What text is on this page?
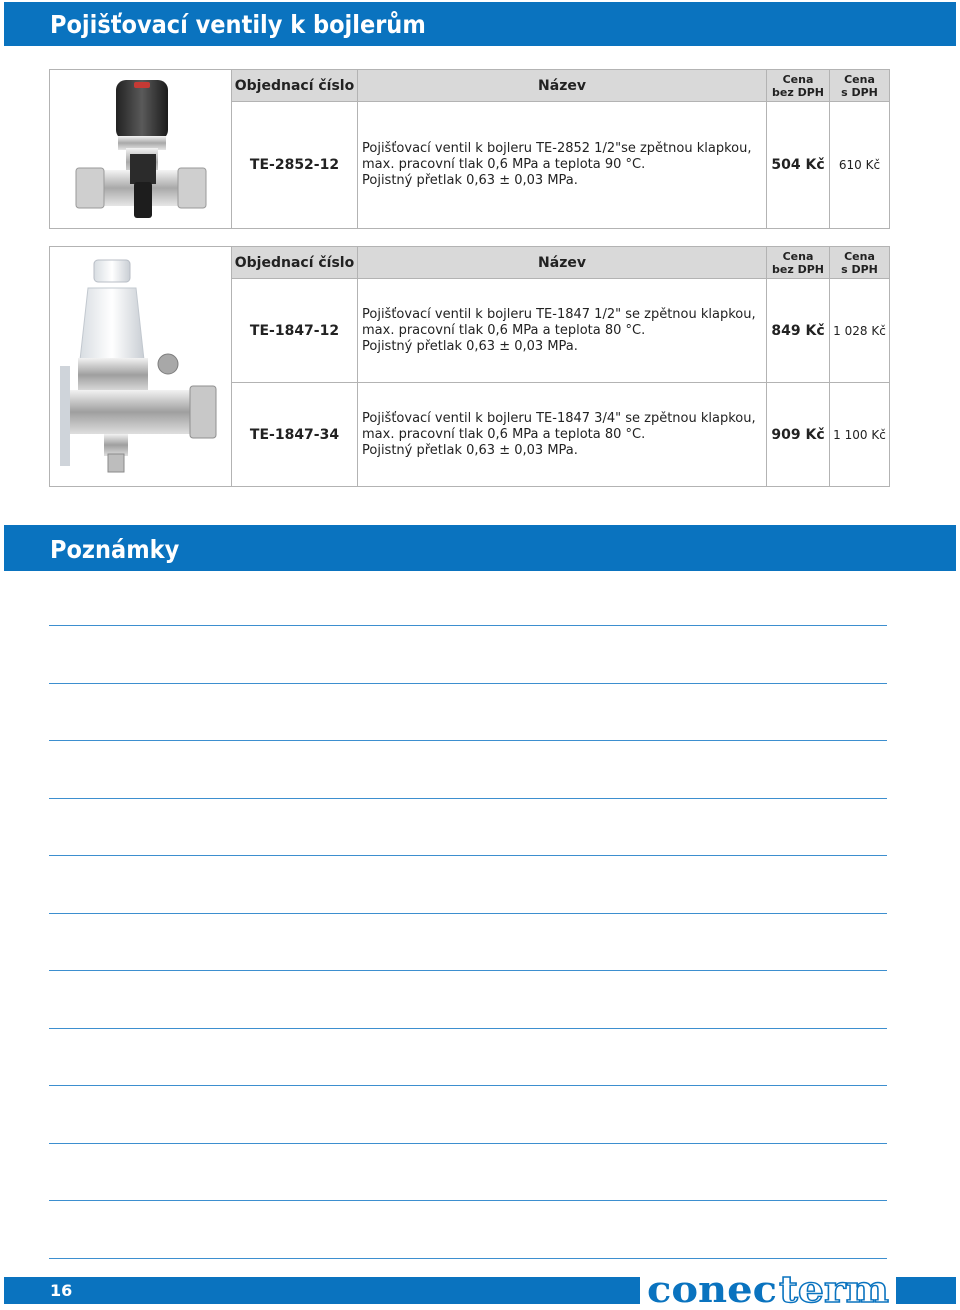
Pojišťovací ventily k bojlerům
	Objednací číslo	Název	Cena
bez DPH	Cena
s DPH
	TE-2852-12	Pojišťovací ventil k bojleru TE-2852 1/2"se zpětnou klapkou,
max. pracovní tlak 0,6 MPa a teplota 90 °C.
Pojistný přetlak 0,63 ± 0,03 MPa.	504 Kč	610 Kč
	Objednací číslo	Název	Cena
bez DPH	Cena
s DPH
	TE-1847-12	Pojišťovací ventil k bojleru TE-1847 1/2" se zpětnou klapkou,
max. pracovní tlak 0,6 MPa a teplota 80 °C.
Pojistný přetlak 0,63 ± 0,03 MPa.	849 Kč	1 028 Kč
	TE-1847-34	Pojišťovací ventil k bojleru TE-1847 3/4" se zpětnou klapkou,
max. pracovní tlak 0,6 MPa a teplota 80 °C.
Pojistný přetlak 0,63 ± 0,03 MPa.	909 Kč	1 100 Kč
Poznámky
16	conec term
